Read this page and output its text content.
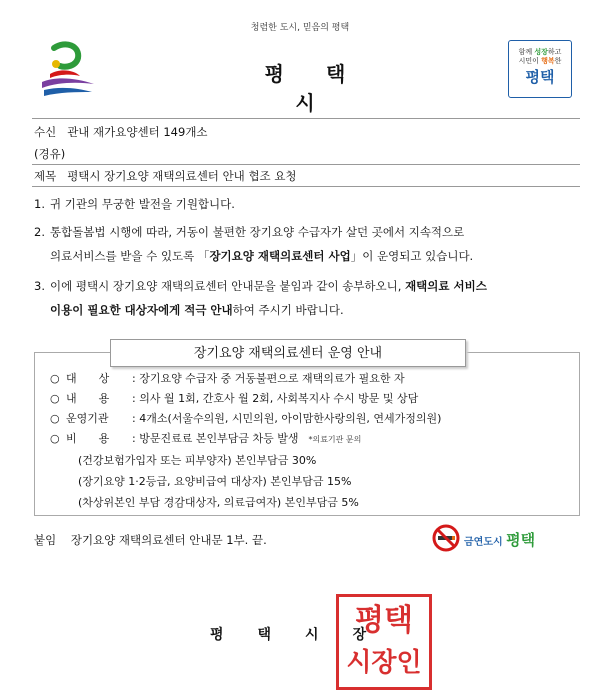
청렴한 도시, 믿음의 평택
평택시
함께 성장하고
시민이 행복한
평택
수신 관내 재가요양센터 149개소
(경유)
제목 평택시 장기요양 재택의료센터 안내 협조 요청
1. 귀 기관의 무궁한 발전을 기원합니다.
2. 통합돌봄법 시행에 따라, 거동이 불편한 장기요양 수급자가 살던 곳에서 지속적으로
의료서비스를 받을 수 있도록 「장기요양 재택의료센터 사업」이 운영되고 있습니다.
3. 이에 평택시 장기요양 재택의료센터 안내문을 붙임과 같이 송부하오니, 재택의료 서비스
이용이 필요한 대상자에게 적극 안내하여 주시기 바랍니다.
장기요양 재택의료센터 운영 안내
○ 대　　상 : 장기요양 수급자 중 거동불편으로 재택의료가 필요한 자
○ 내　　용 : 의사 월 1회, 간호사 월 2회, 사회복지사 수시 방문 및 상담
○ 운영기관 : 4개소(서울수의원, 시민의원, 아이맘한사랑의원, 연세가정의원)
○ 비　　용 : 방문진료료 본인부담금 차등 발생 *의료기관 문의
(건강보험가입자 또는 피부양자) 본인부담금 30%
(장기요양 1·2등급, 요양비급여 대상자) 본인부담금 15%
(차상위본인 부담 경감대상자, 의료급여자) 본인부담금 5%
붙임 장기요양 재택의료센터 안내문 1부. 끝.	금연도시 평택
평택시장
평택
시장인
